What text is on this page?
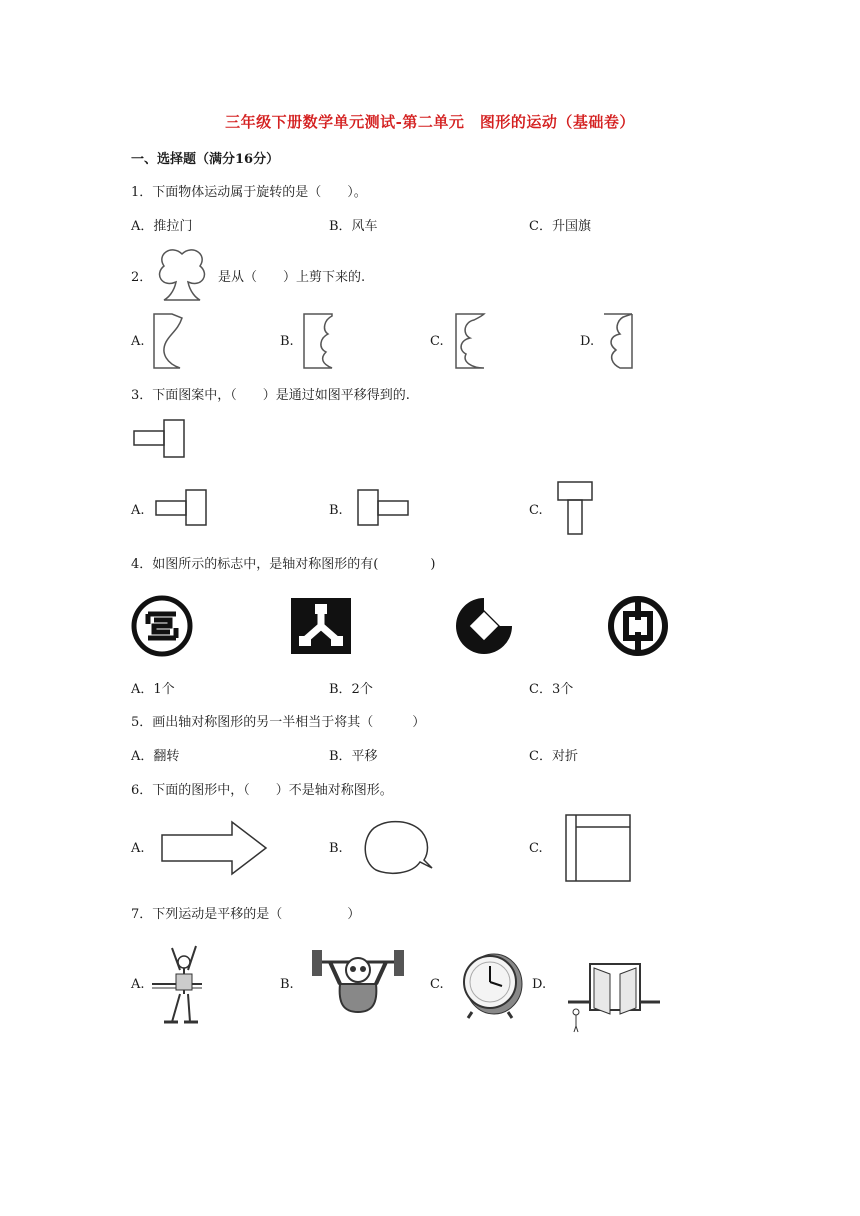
三年级下册数学单元测试-第二单元　图形的运动（基础卷）
一、选择题（满分16分）
1．下面物体运动属于旋转的是（　　）。
A．推拉门	B．风车	C．升国旗
2．	是从（　　）上剪下来的.
A.	B.	C.	D.
3．下面图案中，（　　）是通过如图平移得到的.
A.	B.	C.
4．如图所示的标志中，是轴对称图形的有(　　　　)
A．1个	B．2个	C．3个
5．画出轴对称图形的另一半相当于将其（　　　）
A．翻转	B．平移	C．对折
6．下面的图形中，（　　）不是轴对称图形。
A.	B.	C.
7．下列运动是平移的是（　　　　　）
A.	B.	C.	D.
